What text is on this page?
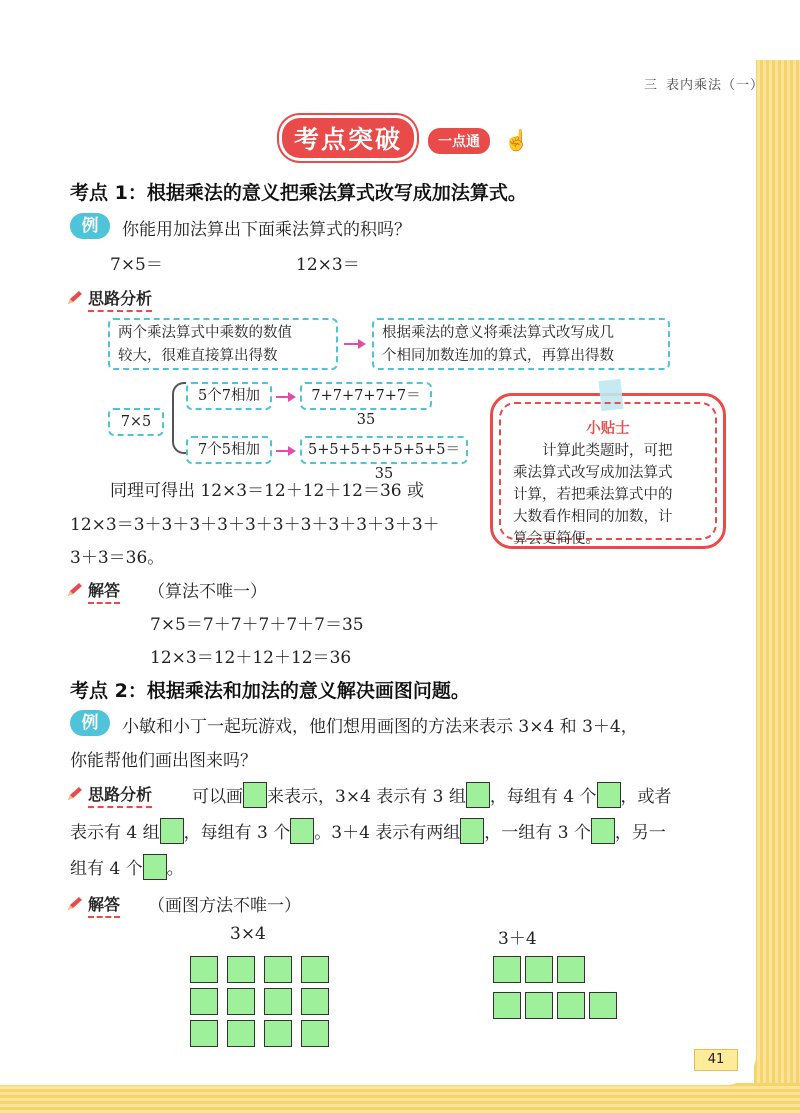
三 表内乘法（一）
考点突破	一点通	☝
考点 1：根据乘法的意义把乘法算式改写成加法算式。
例	你能用加法算出下面乘法算式的积吗？
7×5＝	12×3＝
思路分析
两个乘法算式中乘数的数值
较大，很难直接算出得数
根据乘法的意义将乘法算式改写成几
个相同加数连加的算式，再算出得数
7×5
5个7相加	7+7+7+7+7＝35
7个5相加	5+5+5+5+5+5+5＝35
同理可得出 12×3＝12＋12＋12＝36 或
12×3＝3＋3＋3＋3＋3＋3＋3＋3＋3＋3＋3＋
3＋3＝36。
小贴士
计算此类题时，可把
乘法算式改写成加法算式
计算，若把乘法算式中的
大数看作相同的加数，计
算会更简便。
解答 （算法不唯一）
7×5＝7＋7＋7＋7＋7＝35
12×3＝12＋12＋12＝36
考点 2：根据乘法和加法的意义解决画图问题。
例	小敏和小丁一起玩游戏，他们想用画图的方法来表示 3×4 和 3＋4，
你能帮他们画出图来吗？
思路分析 可以画 来表示，3×4 表示有 3 组 ，每组有 4 个 ，或者
表示有 4 组 ，每组有 3 个 。3＋4 表示有两组 ，一组有 3 个 ，另一
组有 4 个 。
解答 （画图方法不唯一）
3×4	3＋4
41
